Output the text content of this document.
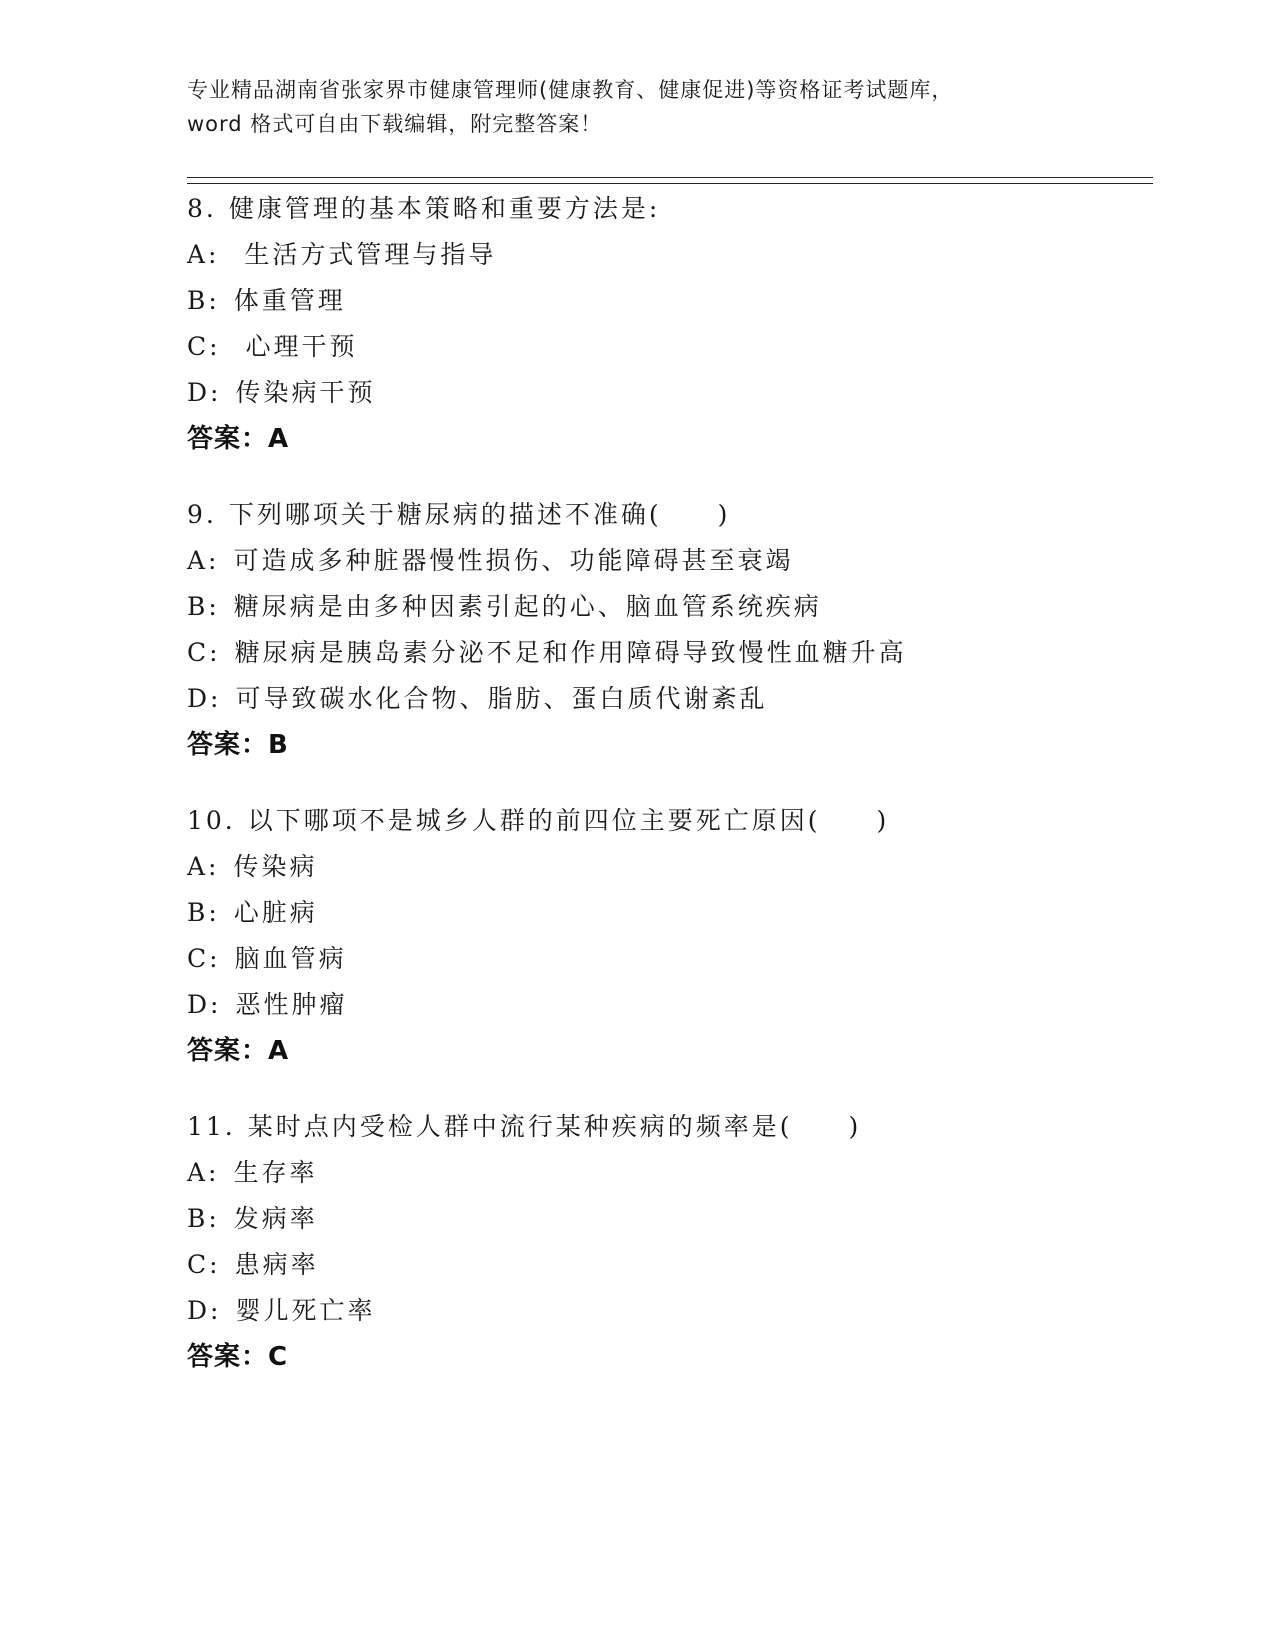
专业精品湖南省张家界市健康管理师(健康教育、健康促进)等资格证考试题库，
word 格式可自由下载编辑，附完整答案！
8. 健康管理的基本策略和重要方法是:
A: 生活方式管理与指导
B: 体重管理
C: 心理干预
D: 传染病干预
答案：A
9. 下列哪项关于糖尿病的描述不准确(　　)
A: 可造成多种脏器慢性损伤、功能障碍甚至衰竭
B: 糖尿病是由多种因素引起的心、脑血管系统疾病
C: 糖尿病是胰岛素分泌不足和作用障碍导致慢性血糖升高
D: 可导致碳水化合物、脂肪、蛋白质代谢紊乱
答案：B
10. 以下哪项不是城乡人群的前四位主要死亡原因(　　)
A: 传染病
B: 心脏病
C: 脑血管病
D: 恶性肿瘤
答案：A
11. 某时点内受检人群中流行某种疾病的频率是(　　)
A: 生存率
B: 发病率
C: 患病率
D: 婴儿死亡率
答案：C
